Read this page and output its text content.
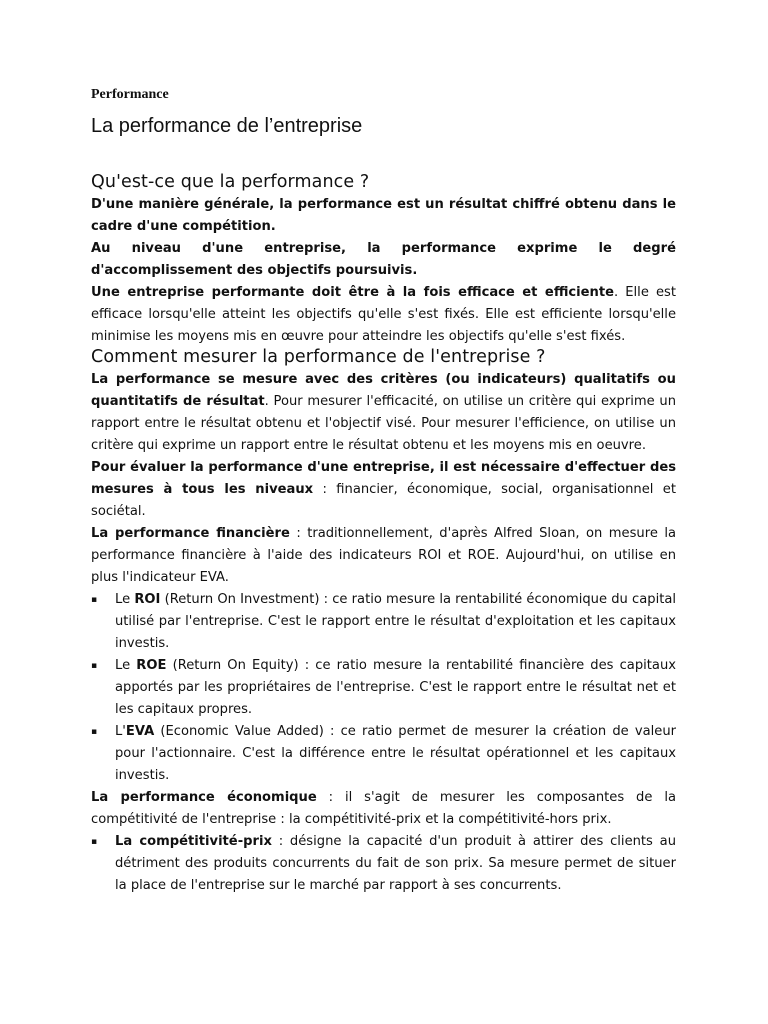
Performance
La performance de l’entreprise
Qu'est-ce que la performance ?

D'une manière générale, la performance est un résultat chiffré obtenu dans le cadre d'une compétition.

Au niveau d'une entreprise, la performance exprime le degré d'accomplissement des objectifs poursuivis.

Une entreprise performante doit être à la fois efficace et efficiente. Elle est efficace lorsqu'elle atteint les objectifs qu'elle s'est fixés. Elle est efficiente lorsqu'elle minimise les moyens mis en œuvre pour atteindre les objectifs qu'elle s'est fixés.

Comment mesurer la performance de l'entreprise ?

La performance se mesure avec des critères (ou indicateurs) qualitatifs ou quantitatifs de résultat. Pour mesurer l'efficacité, on utilise un critère qui exprime un rapport entre le résultat obtenu et l'objectif visé. Pour mesurer l'efficience, on utilise un critère qui exprime un rapport entre le résultat obtenu et les moyens mis en oeuvre.

Pour évaluer la performance d'une entreprise, il est nécessaire d'effectuer des mesures à tous les niveaux : financier, économique, social, organisationnel et sociétal.

La performance financière : traditionnellement, d'après Alfred Sloan, on mesure la performance financière à l'aide des indicateurs ROI et ROE. Aujourd'hui, on utilise en plus l'indicateur EVA.

▪ Le ROI (Return On Investment) : ce ratio mesure la rentabilité économique du capital utilisé par l'entreprise. C'est le rapport entre le résultat d'exploitation et les capitaux investis.
▪ Le ROE (Return On Equity) : ce ratio mesure la rentabilité financière des capitaux apportés par les propriétaires de l'entreprise. C'est le rapport entre le résultat net et les capitaux propres.
▪ L'EVA (Economic Value Added) : ce ratio permet de mesurer la création de valeur pour l'actionnaire. C'est la différence entre le résultat opérationnel et les capitaux investis.

La performance économique : il s'agit de mesurer les composantes de la compétitivité de l'entreprise : la compétitivité-prix et la compétitivité-hors prix.

▪ La compétitivité-prix : désigne la capacité d'un produit à attirer des clients au détriment des produits concurrents du fait de son prix. Sa mesure permet de situer la place de l'entreprise sur le marché par rapport à ses concurrents.
